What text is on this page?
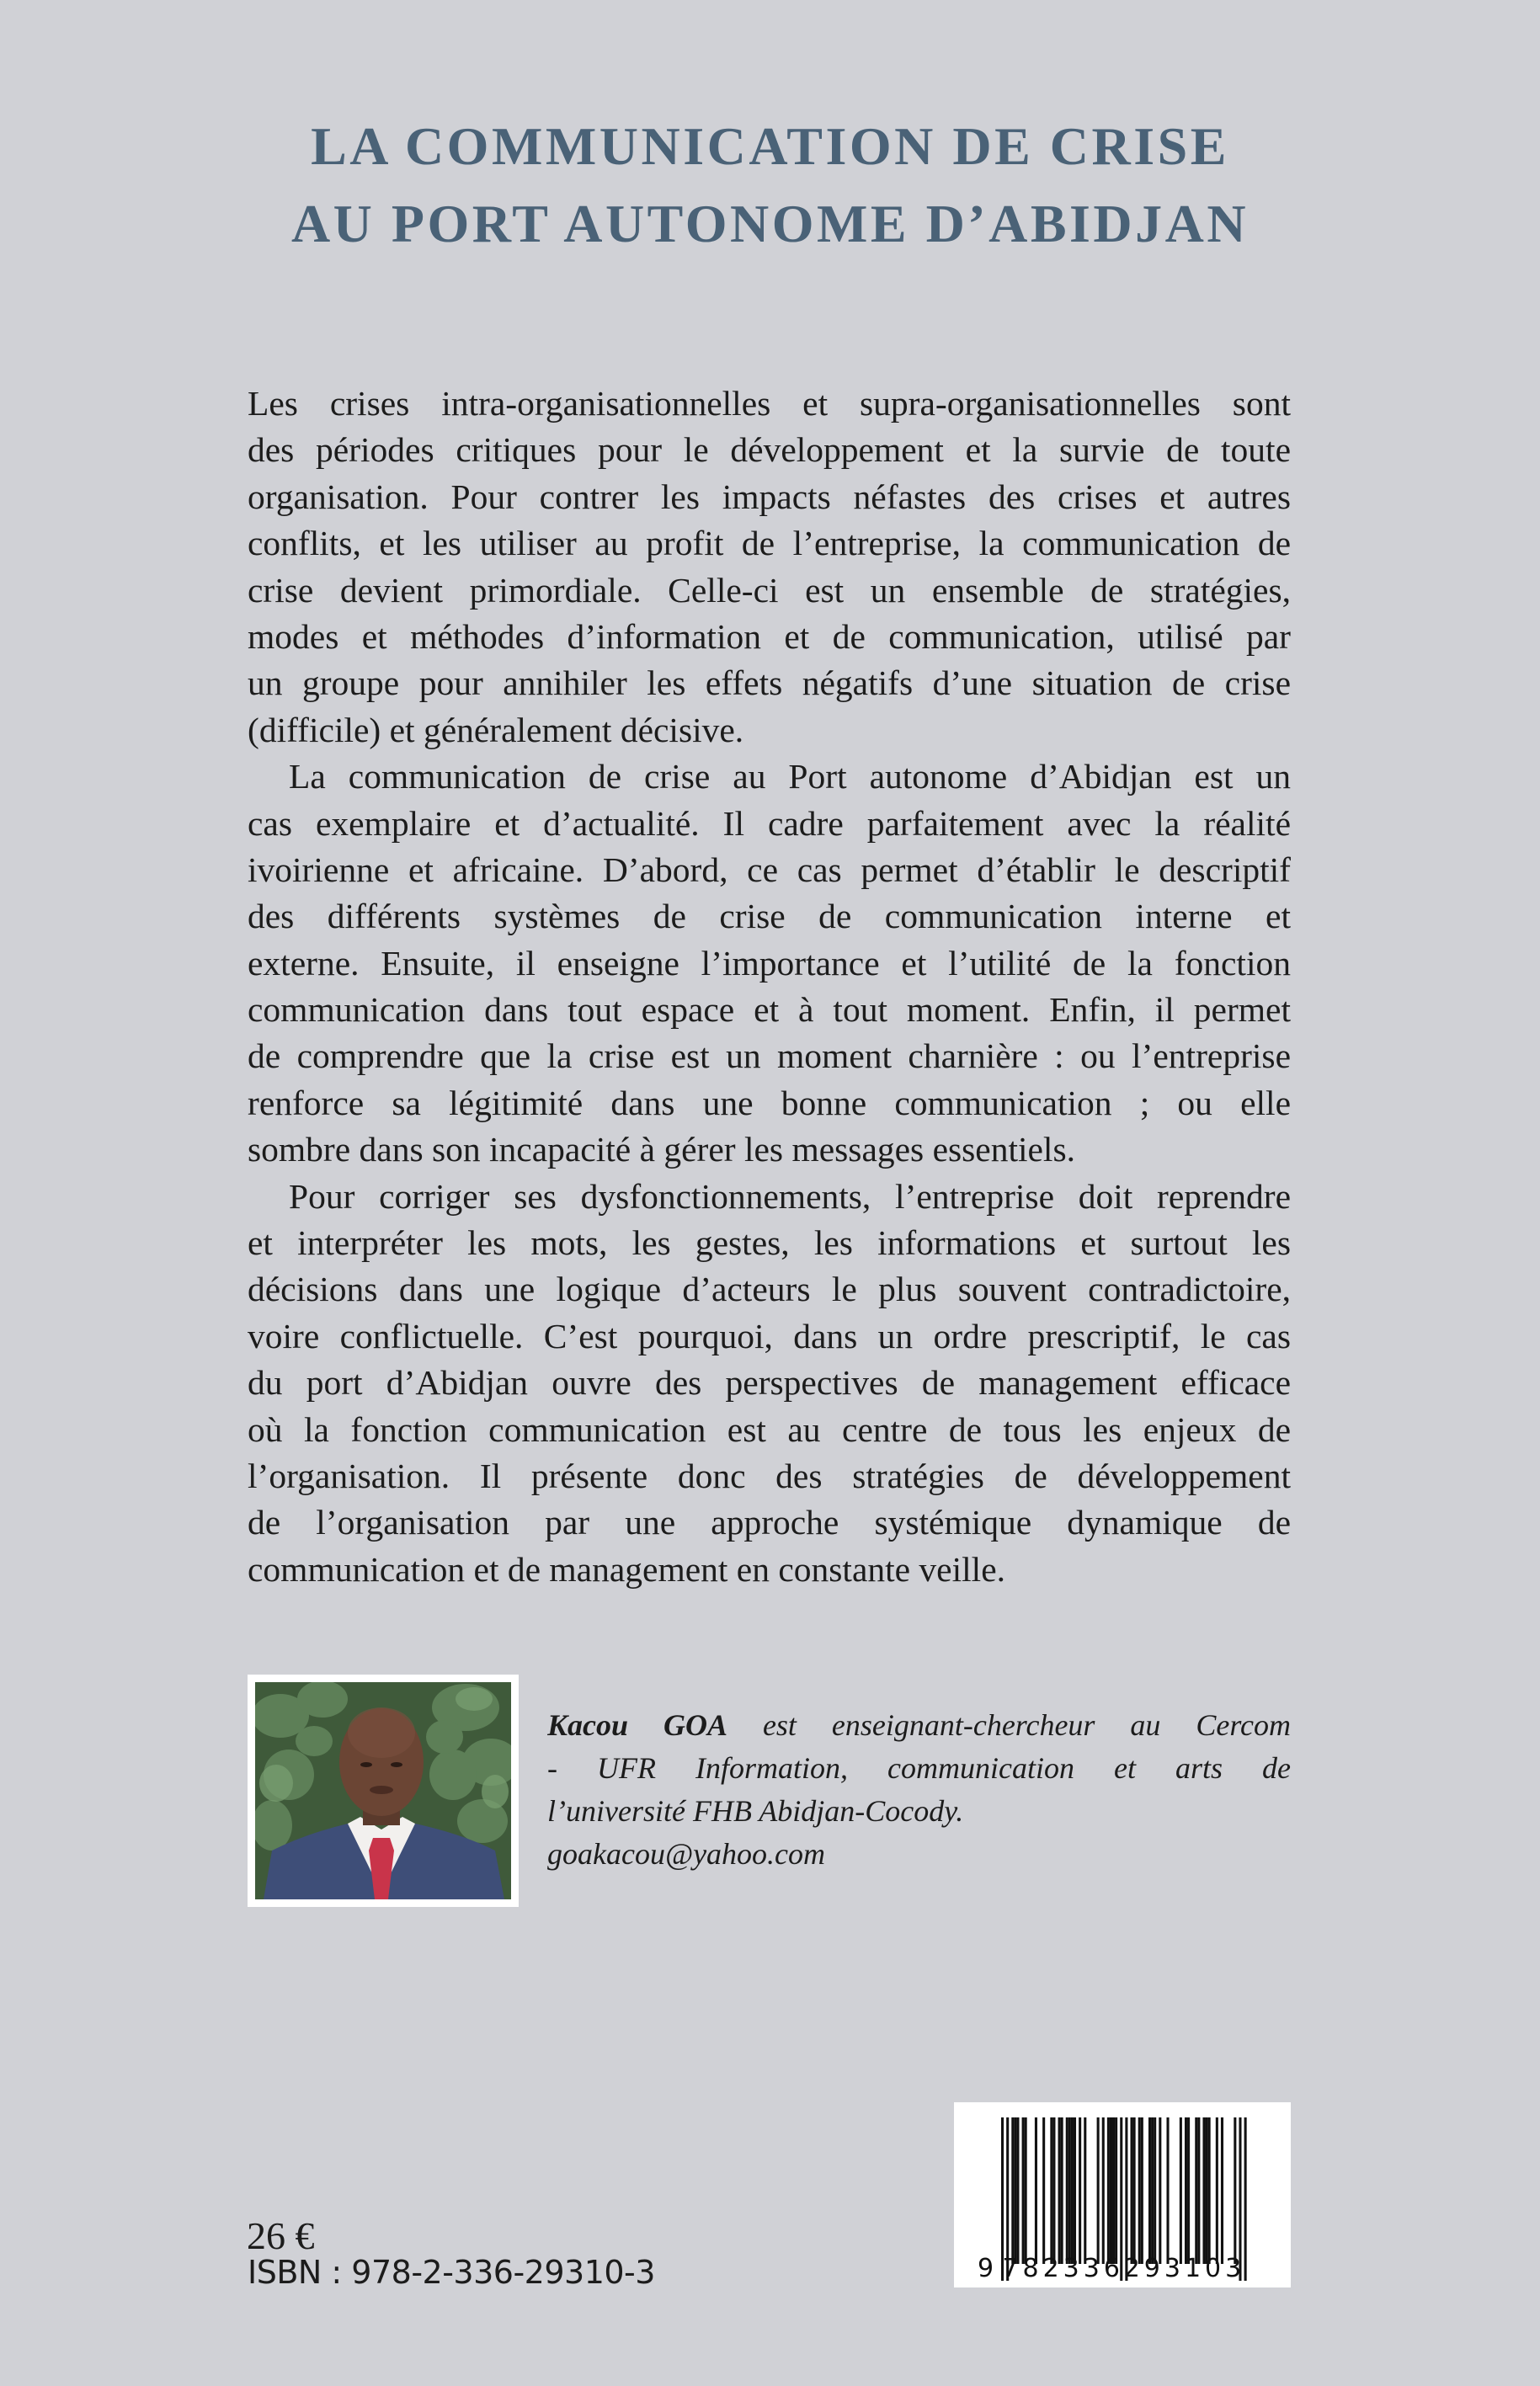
LA COMMUNICATION DE CRISE
AU PORT AUTONOME D’ABIDJAN
Les crises intra-organisationnelles et supra-organisationnelles sont
des périodes critiques pour le développement et la survie de toute
organisation. Pour contrer les impacts néfastes des crises et autres
conflits, et les utiliser au profit de l’entreprise, la communication de
crise devient primordiale. Celle-ci est un ensemble de stratégies,
modes et méthodes d’information et de communication, utilisé par
un groupe pour annihiler les effets négatifs d’une situation de crise
(difficile) et généralement décisive.
La communication de crise au Port autonome d’Abidjan est un
cas exemplaire et d’actualité. Il cadre parfaitement avec la réalité
ivoirienne et africaine. D’abord, ce cas permet d’établir le descriptif
des différents systèmes de crise de communication interne et
externe. Ensuite, il enseigne l’importance et l’utilité de la fonction
communication dans tout espace et à tout moment. Enfin, il permet
de comprendre que la crise est un moment charnière : ou l’entreprise
renforce sa légitimité dans une bonne communication ; ou elle
sombre dans son incapacité à gérer les messages essentiels.
Pour corriger ses dysfonctionnements, l’entreprise doit reprendre
et interpréter les mots, les gestes, les informations et surtout les
décisions dans une logique d’acteurs le plus souvent contradictoire,
voire conflictuelle. C’est pourquoi, dans un ordre prescriptif, le cas
du port d’Abidjan ouvre des perspectives de management efficace
où la fonction communication est au centre de tous les enjeux de
l’organisation. Il présente donc des stratégies de développement
de l’organisation par une approche systémique dynamique de
communication et de management en constante veille.
Kacou GOA est enseignant-chercheur au Cercom
- UFR Information, communication et arts de
l’université FHB Abidjan-Cocody.
goakacou@yahoo.com
26 €
ISBN : 978-2-336-29310-3	9 782336 293103
